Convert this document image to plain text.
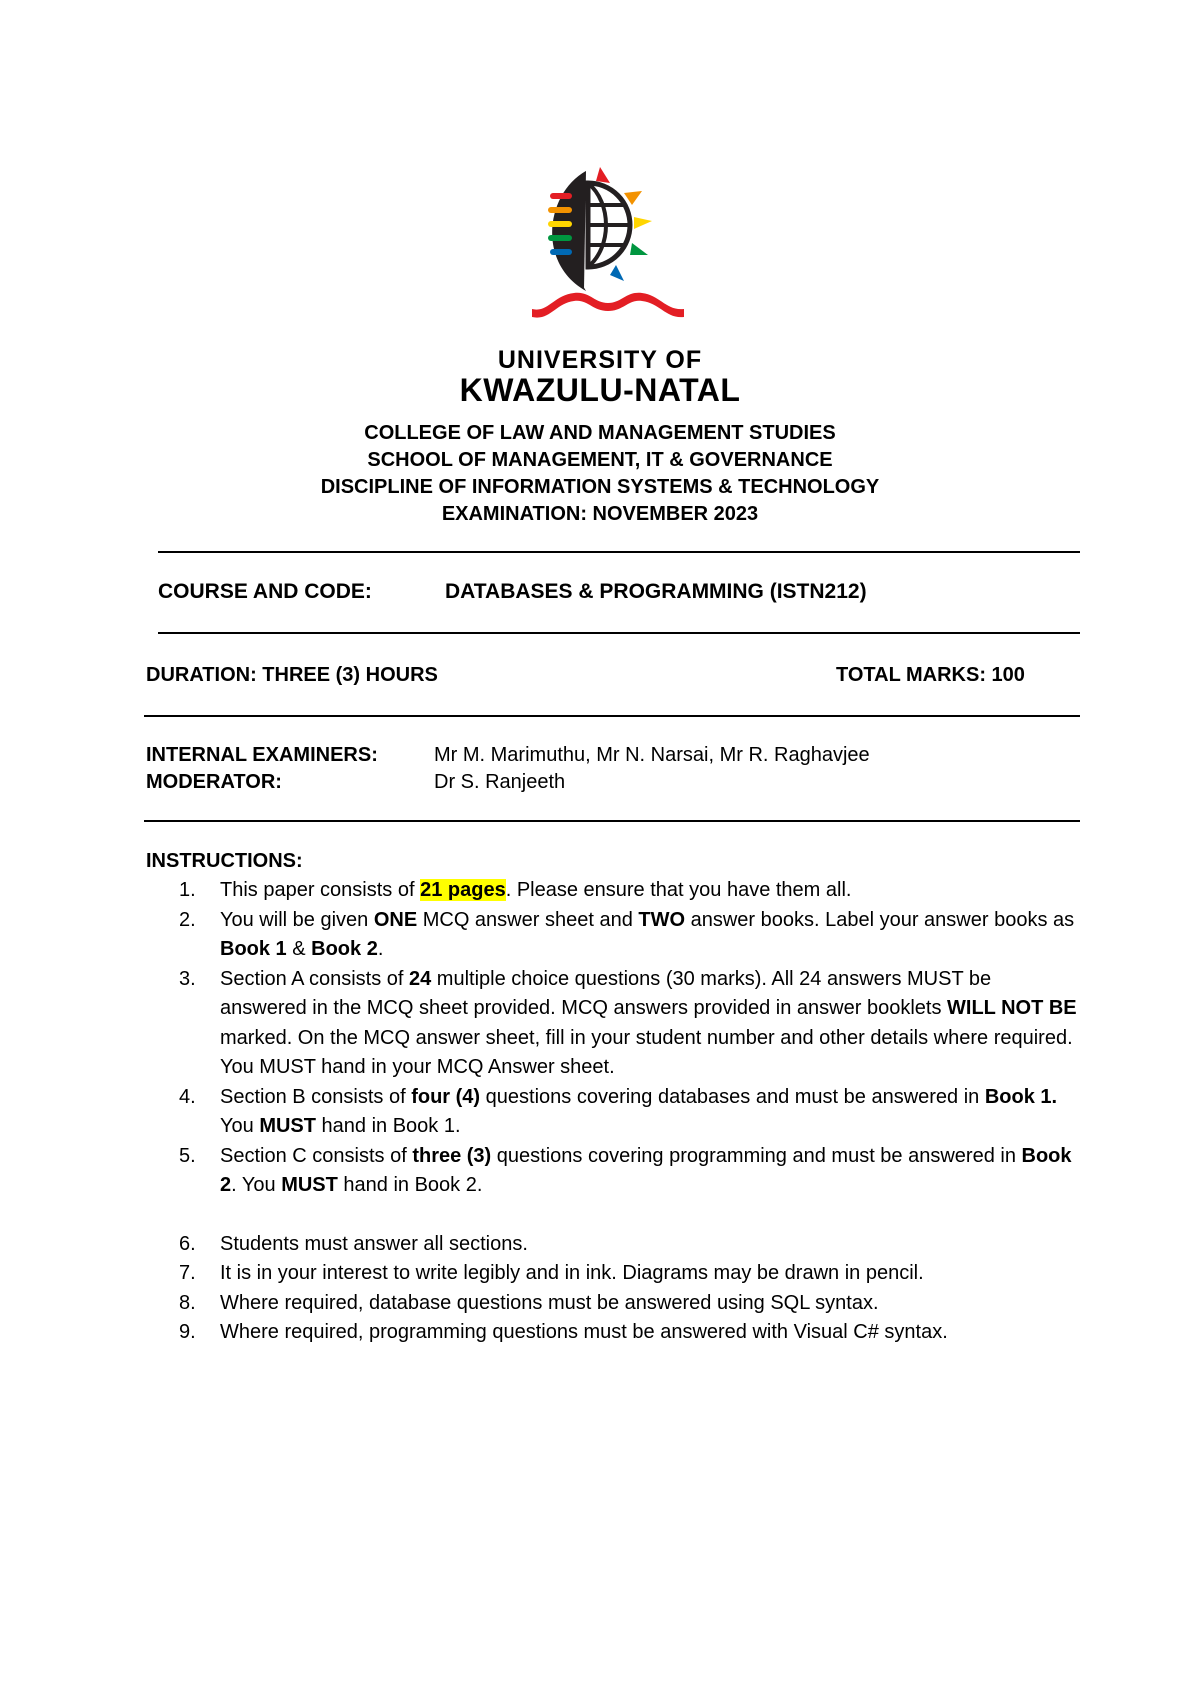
UNIVERSITY OF
KWAZULU-NATAL
COLLEGE OF LAW AND MANAGEMENT STUDIES
SCHOOL OF MANAGEMENT, IT & GOVERNANCE
DISCIPLINE OF INFORMATION SYSTEMS & TECHNOLOGY
EXAMINATION: NOVEMBER 2023
COURSE AND CODE:	DATABASES & PROGRAMMING (ISTN212)
DURATION: THREE (3) HOURS	TOTAL MARKS: 100
INTERNAL EXAMINERS:	Mr M. Marimuthu, Mr N. Narsai, Mr R. Raghavjee
MODERATOR:	Dr S. Ranjeeth
INSTRUCTIONS:
1. This paper consists of 21 pages. Please ensure that you have them all.
2. You will be given ONE MCQ answer sheet and TWO answer books. Label your answer books as Book 1 & Book 2.
3. Section A consists of 24 multiple choice questions (30 marks). All 24 answers MUST be answered in the MCQ sheet provided. MCQ answers provided in answer booklets WILL NOT BE marked. On the MCQ answer sheet, fill in your student number and other details where required. You MUST hand in your MCQ Answer sheet.
4. Section B consists of four (4) questions covering databases and must be answered in Book 1. You MUST hand in Book 1.
5. Section C consists of three (3) questions covering programming and must be answered in Book 2. You MUST hand in Book 2.
6. Students must answer all sections.
7. It is in your interest to write legibly and in ink. Diagrams may be drawn in pencil.
8. Where required, database questions must be answered using SQL syntax.
9. Where required, programming questions must be answered with Visual C# syntax.
